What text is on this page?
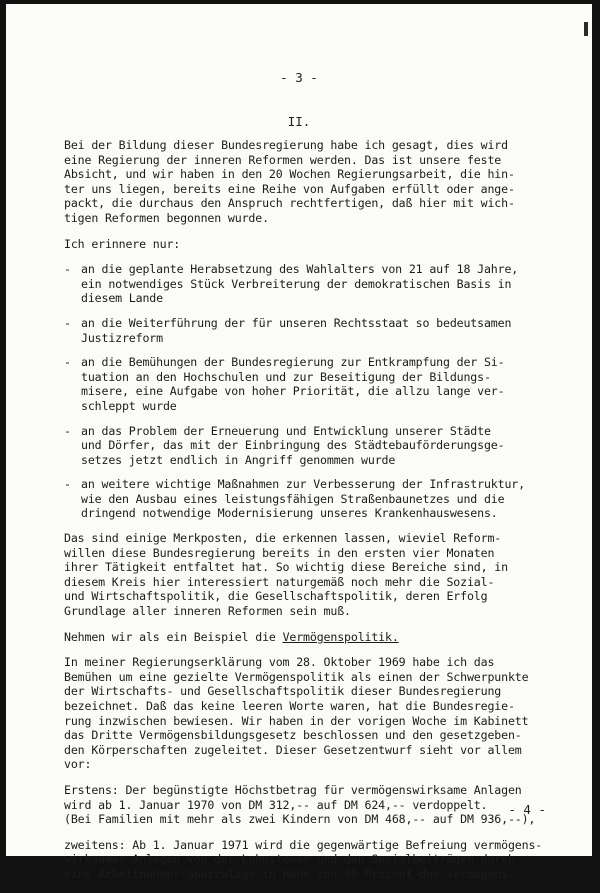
- 3 -
II.

Bei der Bildung dieser Bundesregierung habe ich gesagt, dies wird
eine Regierung der inneren Reformen werden. Das ist unsere feste
Absicht, und wir haben in den 20 Wochen Regierungsarbeit, die hin-
ter uns liegen, bereits eine Reihe von Aufgaben erfüllt oder ange-
packt, die durchaus den Anspruch rechtfertigen, daß hier mit wich-
tigen Reformen begonnen wurde.

Ich erinnere nur:

- an die geplante Herabsetzung des Wahlalters von 21 auf 18 Jahre,
ein notwendiges Stück Verbreiterung der demokratischen Basis in
diesem Lande
- an die Weiterführung der für unseren Rechtsstaat so bedeutsamen
Justizreform
- an die Bemühungen der Bundesregierung zur Entkrampfung der Si-
tuation an den Hochschulen und zur Beseitigung der Bildungs-
misere, eine Aufgabe von hoher Priorität, die allzu lange ver-
schleppt wurde
- an das Problem der Erneuerung und Entwicklung unserer Städte
und Dörfer, das mit der Einbringung des Städtebauförderungsge-
setzes jetzt endlich in Angriff genommen wurde
- an weitere wichtige Maßnahmen zur Verbesserung der Infrastruktur,
wie den Ausbau eines leistungsfähigen Straßenbaunetzes und die
dringend notwendige Modernisierung unseres Krankenhauswesens.

Das sind einige Merkposten, die erkennen lassen, wieviel Reform-
willen diese Bundesregierung bereits in den ersten vier Monaten
ihrer Tätigkeit entfaltet hat. So wichtig diese Bereiche sind, in
diesem Kreis hier interessiert naturgemäß noch mehr die Sozial-
und Wirtschaftspolitik, die Gesellschaftspolitik, deren Erfolg
Grundlage aller inneren Reformen sein muß.

Nehmen wir als ein Beispiel die Vermögenspolitik.

In meiner Regierungserklärung vom 28. Oktober 1969 habe ich das
Bemühen um eine gezielte Vermögenspolitik als einen der Schwerpunkte
der Wirtschafts- und Gesellschaftspolitik dieser Bundesregierung
bezeichnet. Daß das keine leeren Worte waren, hat die Bundesregie-
rung inzwischen bewiesen. Wir haben in der vorigen Woche im Kabinett
das Dritte Vermögensbildungsgesetz beschlossen und den gesetzgeben-
den Körperschaften zugeleitet. Dieser Gesetzentwurf sieht vor allem
vor:

Erstens: Der begünstigte Höchstbetrag für vermögenswirksame Anlagen
wird ab 1. Januar 1970 von DM 312,-- auf DM 624,-- verdoppelt.
(Bei Familien mit mehr als zwei Kindern von DM 468,-- auf DM 936,--),

zweitens: Ab 1. Januar 1971 wird die gegenwärtige Befreiung vermögens-
wirksamer Anlagen von der Lohnsteuer und den Sozialbeiträgen durch
eine Arbeitnehmer-Sparzulage in Höhe von 30 Prozent der vermögens-

- 4 -
